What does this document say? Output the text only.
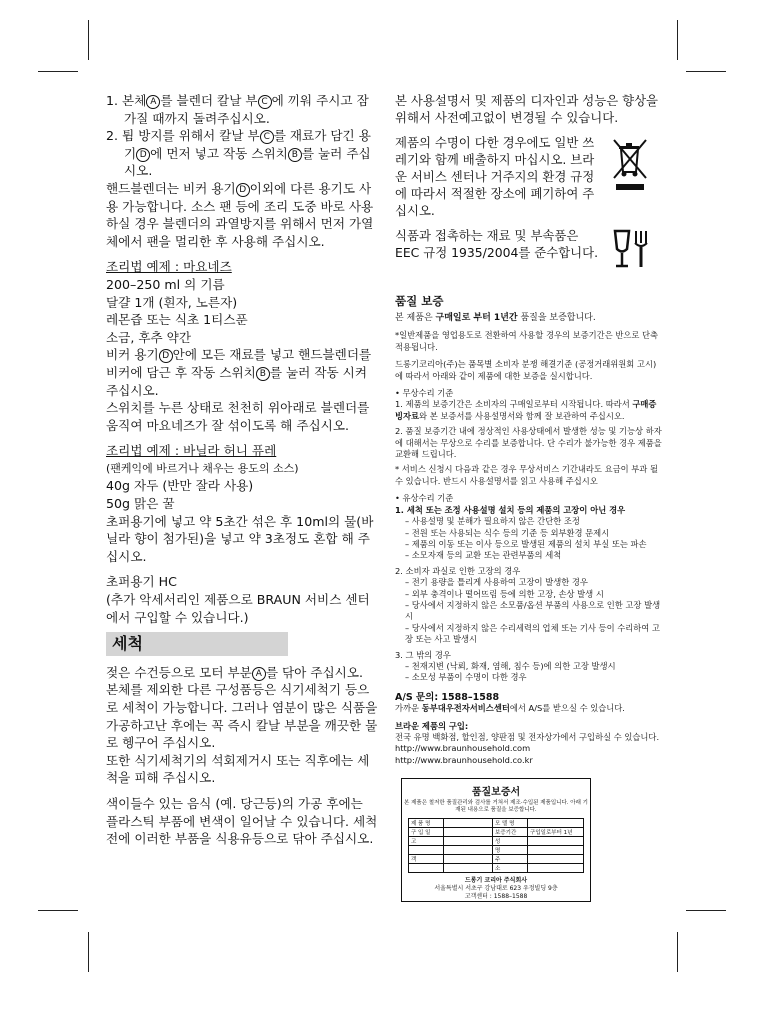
1. 본체 A 를 블렌더 칼날 부 C 에 끼워 주시고 잠가질 때까지 돌려주십시오.

2. 튐 방지를 위해서 칼날 부 C 를 재료가 담긴 용기 D 에 먼저 넣고 작동 스위치 B 를 눌러 주십시오.

핸드블렌더는 비커 용기 D 이외에 다른 용기도 사용 가능합니다. 소스 팬 등에 조리 도중 바로 사용하실 경우 블렌더의 과열방지를 위해서 먼저 가열 체에서 팬을 멀리한 후 사용해 주십시오.

조리법 예제 : 마요네즈

200–250 ml 의 기름

달걀 1개 (흰자, 노른자)

레몬즙 또는 식초 1티스푼

소금, 후추 약간

비커 용기 D 안에 모든 재료를 넣고 핸드블렌더를 비커에 담근 후 작동 스위치 B 를 눌러 작동 시켜 주십시오.

스위치를 누른 상태로 천천히 위아래로 블렌더를 움직여 마요네즈가 잘 섞이도록 해 주십시오.

조리법 예제 : 바닐라 허니 퓨레

(팬케익에 바르거나 채우는 용도의 소스)

40g 자두 (반만 잘라 사용)

50g 맑은 꿀

초퍼용기에 넣고 약 5초간 섞은 후 10ml의 물(바닐라 향이 첨가된)을 넣고 약 3초정도 혼합 해 주십시오.

초퍼용기 HC

(추가 악세서리인 제품으로 BRAUN 서비스 센터에서 구입할 수 있습니다.)

세척

젖은 수건등으로 모터 부분 A 를 닦아 주십시오. 본체를 제외한 다른 구성품등은 식기세척기 등으로 세척이 가능합니다. 그러나 염분이 많은 식품을 가공하고난 후에는 꼭 즉시 칼날 부분을 깨끗한 물로 헹구어 주십시오.

또한 식기세척기의 석회제거시 또는 직후에는 세척을 피해 주십시오.

색이들수 있는 음식 (예. 당근등)의 가공 후에는 플라스틱 부품에 변색이 일어날 수 있습니다. 세척전에 이러한 부품을 식용유등으로 닦아 주십시오.

본 사용설명서 및 제품의 디자인과 성능은 향상을 위해서 사전예고없이 변경될 수 있습니다.

제품의 수명이 다한 경우에도 일반 쓰레기와 함께 배출하지 마십시오. 브라운 서비스 센터나 거주지의 환경 규정에 따라서 적절한 장소에 폐기하여 주십시오.
식품과 접촉하는 재료 및 부속품은 EEC 규정 1935/2004를 준수합니다.
품질 보증

본 제품은 구매일로 부터 1년간 품질을 보증합니다.

*일반제품을 영업용도로 전환하여 사용할 경우의 보증기간은 반으로 단축 적용됩니다.

드롱기코리아(주)는 품목별 소비자 분쟁 해결기준 (공정거래위원회 고시)에 따라서 아래와 같이 제품에 대한 보증을 실시합니다.

• 무상수리 기준

1. 제품의 보증기간은 소비자의 구매일로부터 시작됩니다. 따라서 구매증빙자료와 본 보증서를 사용설명서와 함께 잘 보관하여 주십시오.

2. 품질 보증기간 내에 정상적인 사용상태에서 발생한 성능 및 기능상 하자에 대해서는 무상으로 수리를 보증합니다. 단 수리가 불가능한 경우 제품을 교환해 드립니다.

* 서비스 신청시 다음과 같은 경우 무상서비스 기간내라도 요금이 부과 될 수 있습니다. 반드시 사용설명서를 읽고 사용해 주십시오

• 유상수리 기준

1. 세척 또는 조정 사용설명 설치 등의 제품의 고장이 아닌 경우

– 사용설명 및 분해가 필요하지 않은 간단한 조정

– 전원 또는 사용되는 식수 등의 기준 등 외부환경 문제시

– 제품의 이동 또는 이사 등으로 발생된 제품의 설치 부실 또는 파손

– 소모자재 등의 교환 또는 관련부품의 세척

2. 소비자 과실로 인한 고장의 경우

– 전기 용량을 틀리게 사용하여 고장이 발생한 경우

– 외부 충격이나 떨어뜨림 등에 의한 고장, 손상 발생 시

– 당사에서 지정하지 않은 소모품/옵션 부품의 사용으로 인한 고장 발생 시

– 당사에서 지정하지 않은 수리세력의 업체 또는 기사 등이 수리하여 고장 또는 사고 발생시

3. 그 밖의 경우

– 천재지변 (낙뢰, 화재, 염해, 침수 등)에 의한 고장 발생시

– 소모성 부품이 수명이 다한 경우

A/S 문의: 1588–1588

가까운 동부대우전자서비스센터에서 A/S를 받으실 수 있습니다.

브라운 제품의 구입:

전국 유명 백화점, 할인점, 양판점 및 전자상가에서 구입하실 수 있습니다.

http://www.braunhousehold.com

http://www.braunhousehold.co.kr

품질보증서
본 제품은 철저한 품질관리와 검사를 거쳐서 제조·수입된 제품입니다. 아래 기재된 내용으로 품질을 보증합니다.
제 품 명		모 델 명	
구 입 일		보증기간	구입일로부터 1년
고		성	
		명	
객		주	
		소	
드롱기 코리아 주식회사
서울특별시 서초구 강남대로 623 우정빌딩 9층
고객센터 : 1588–1588
